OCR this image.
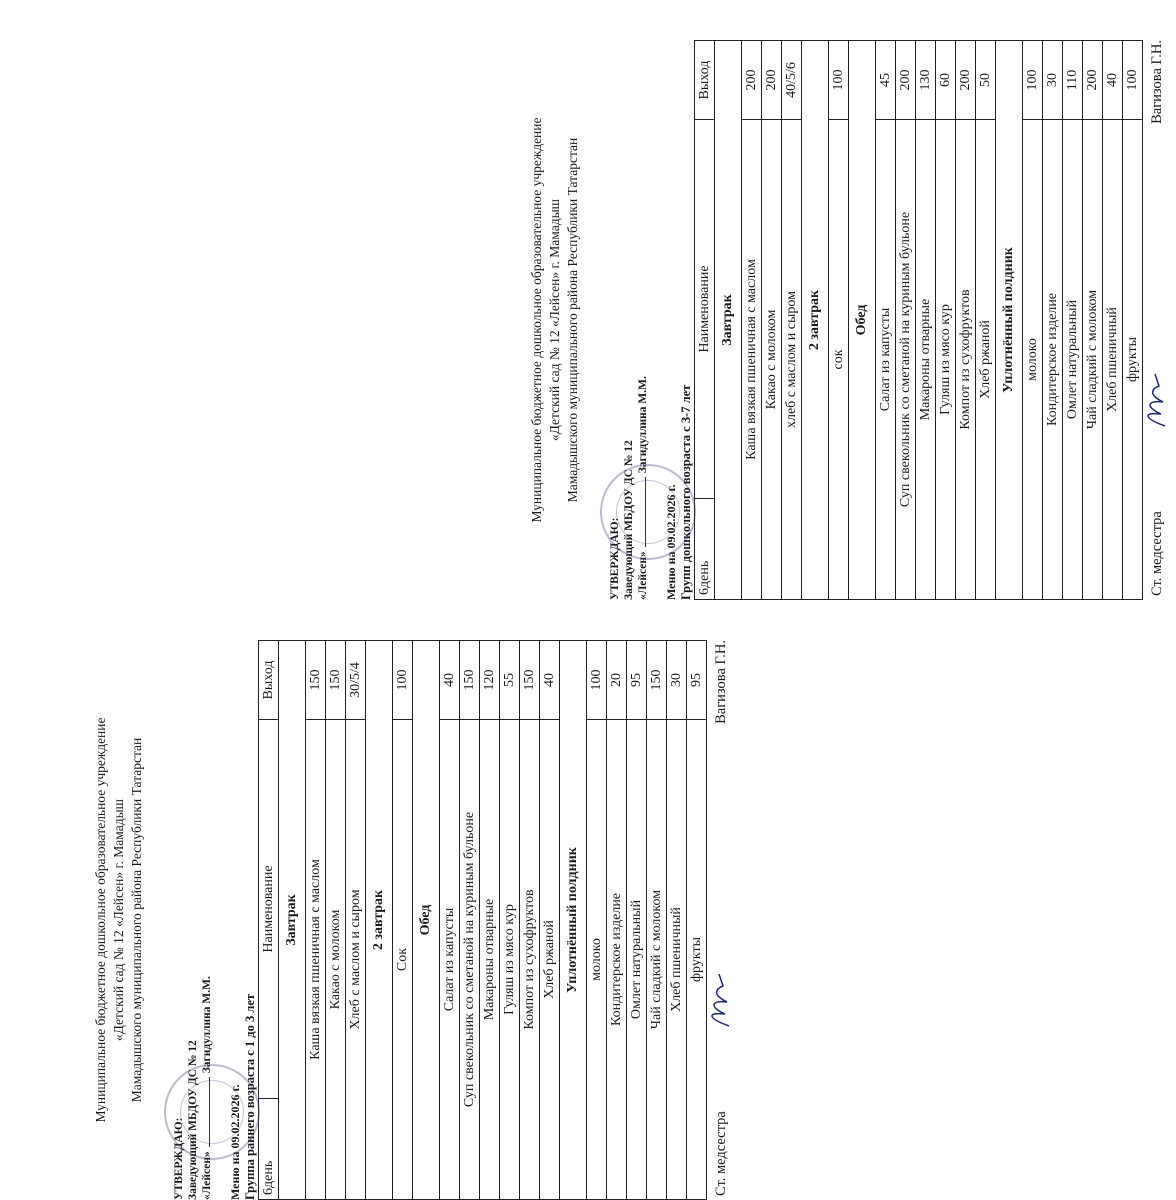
Муниципальное бюджетное дошкольное образовательное учреждение «Детский сад № 12 «Лейсен» г. Мамадыш Мамадышского муниципального района Республики Татарстан
УТВЕРЖДАЮ: Заведующий МБДОУ ДС № 12 «Лейсен»Загидуллина М.М.
Меню на 09.02.2026 г. Группа раннего возраста с 1 до 3 лет 6день	Наименование	Выход
Завтрак		
Каша вязкая пшеничная с маслом		150
Какао с молоком		150
Хлеб с маслом и сыром		30/5/4
2 завтрак		
Сок		100
Обед		
Салат из капусты		40
Суп свекольник со сметаной на куриным бульоне		150
Макароны отварные		120
Гуляш из мясо кур		55
Компот из сухофруктов		150
Хлеб ржаной		40
Уплотнённый полдник		
молоко		100
Кондитерское изделие		20
Омлет натуральный		95
Чай сладкий с молоком		150
Хлеб пшеничный		30
фрукты		95
Ст. медсестра
Вагизова Г.Н.
Муниципальное бюджетное дошкольное образовательное учреждение «Детский сад № 12 «Лейсен» г. Мамадыш Мамадышского муниципального района Республики Татарстан
УТВЕРЖДАЮ: Заведующий МБДОУ ДС № 12 «Лейсен»Загидуллина М.М.
Меню на 09.02.2026 г. Групп дошкольного возраста с 3-7 лет 6день	Наименование	Выход
Завтрак		
Каша вязкая пшеничная с маслом		200
Какао с молоком		200
хлеб с маслом и сыром		40/5/6
2 завтрак		
сок		100
Обед		
Салат из капусты		45
Суп свекольник со сметаной на куриным бульоне		200
Макароны отварные		130
Гуляш из мясо кур		60
Компот из сухофруктов		200
Хлеб ржаной		50
Уплотнённый полдник		
молоко		100
Кондитерское изделие		30
Омлет натуральный		110
Чай сладкий с молоком		200
Хлеб пшеничный		40
фрукты		100
Ст. медсестра
Вагизова Г.Н.
